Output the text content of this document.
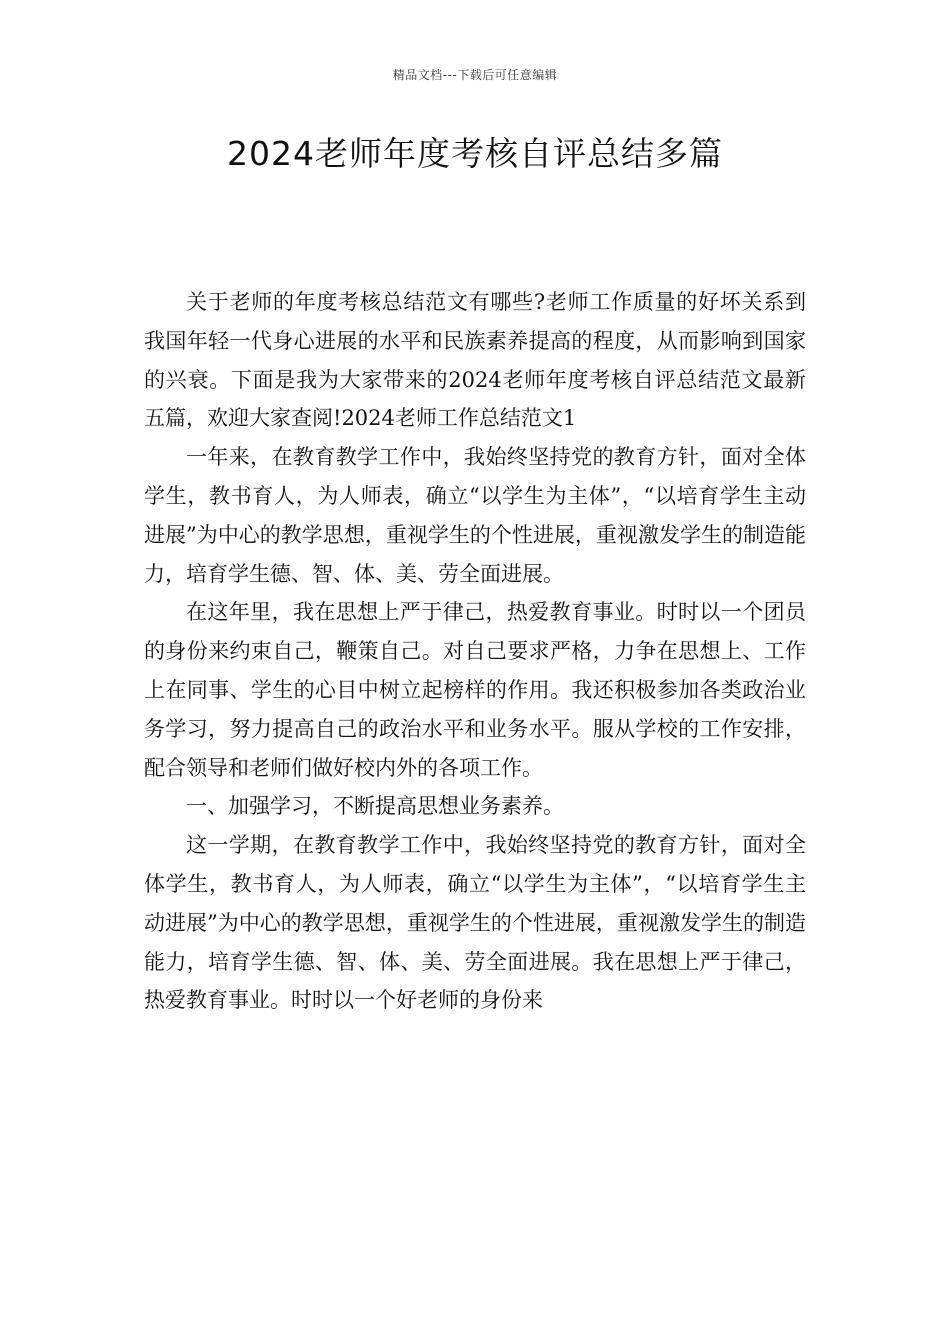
精品文档---下载后可任意编辑
2024老师年度考核自评总结多篇

关于老师的年度考核总结范文有哪些?老师工作质量的好坏关系到我国年轻一代身心进展的水平和民族素养提高的程度，从而影响到国家的兴衰。下面是我为大家带来的2024老师年度考核自评总结范文最新五篇，欢迎大家查阅!2024老师工作总结范文1

一年来，在教育教学工作中，我始终坚持党的教育方针，面对全体学生，教书育人，为人师表，确立“以学生为主体”，“以培育学生主动进展”为中心的教学思想，重视学生的个性进展，重视激发学生的制造能力，培育学生德、智、体、美、劳全面进展。

在这年里，我在思想上严于律己，热爱教育事业。时时以一个团员的身份来约束自己，鞭策自己。对自己要求严格，力争在思想上、工作上在同事、学生的心目中树立起榜样的作用。我还积极参加各类政治业务学习，努力提高自己的政治水平和业务水平。服从学校的工作安排，配合领导和老师们做好校内外的各项工作。

一、加强学习，不断提高思想业务素养。

这一学期，在教育教学工作中，我始终坚持党的教育方针，面对全体学生，教书育人，为人师表，确立“以学生为主体”，“以培育学生主动进展”为中心的教学思想，重视学生的个性进展，重视激发学生的制造能力，培育学生德、智、体、美、劳全面进展。我在思想上严于律己，热爱教育事业。时时以一个好老师的身份来
